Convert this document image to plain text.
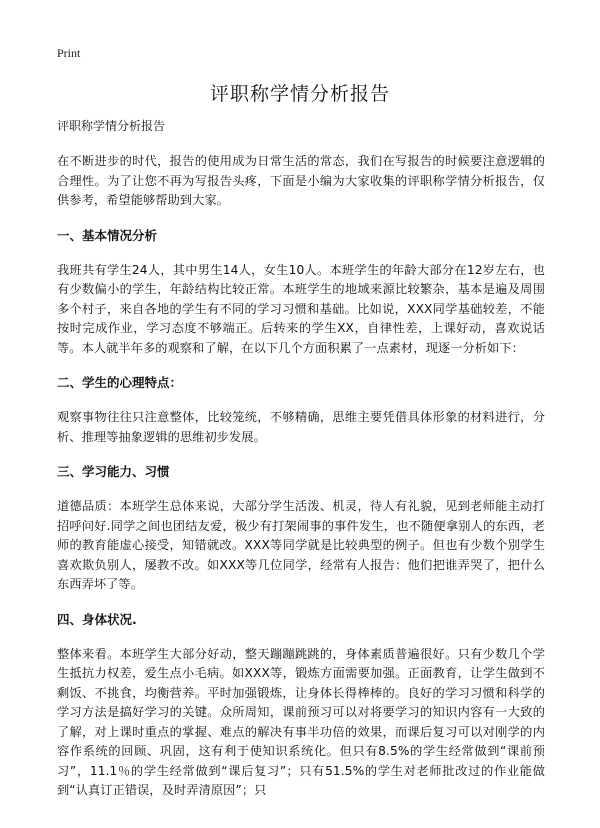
Print
评职称学情分析报告

评职称学情分析报告

在不断进步的时代，报告的使用成为日常生活的常态，我们在写报告的时候要注意逻辑的合理性。为了让您不再为写报告头疼，下面是小编为大家收集的评职称学情分析报告，仅供参考，希望能够帮助到大家。

一、基本情况分析

我班共有学生24人，其中男生14人，女生10人。本班学生的年龄大部分在12岁左右，也有少数偏小的学生，年龄结构比较正常。本班学生的地域来源比较繁杂，基本是遍及周围多个村子，来自各地的学生有不同的学习习惯和基础。比如说，XXX同学基础较差，不能按时完成作业，学习态度不够端正。后转来的学生XX，自律性差，上课好动，喜欢说话等。本人就半年多的观察和了解，在以下几个方面积累了一点素材，现逐一分析如下：

二、学生的心理特点：

观察事物往往只注意整体，比较笼统，不够精确，思维主要凭借具体形象的材料进行，分析、推理等抽象逻辑的思维初步发展。

三、学习能力、习惯

道德品质：本班学生总体来说，大部分学生活泼、机灵，待人有礼貌，见到老师能主动打招呼问好.同学之间也团结友爱，极少有打架闹事的事件发生，也不随便拿别人的东西，老师的教育能虚心接受，知错就改。XXX等同学就是比较典型的例子。但也有少数个别学生喜欢欺负别人，屡教不改。如XXX等几位同学，经常有人报告：他们把谁弄哭了，把什么东西弄坏了等。

四、身体状况.

整体来看。本班学生大部分好动，整天蹦蹦跳跳的，身体素质普遍很好。只有少数几个学生抵抗力权差，爱生点小毛病。如XXX等，锻炼方面需要加强。正面教育，让学生做到不剩饭、不挑食，均衡营养。平时加强锻炼，让身体长得棒棒的。良好的学习习惯和科学的学习方法是搞好学习的关键。众所周知，课前预习可以对将要学习的知识内容有一大致的了解，对上课时重点的掌握、难点的解决有事半功倍的效果，而课后复习可以对刚学的内容作系统的回顾、巩固，这有利于使知识系统化。但只有8.5%的学生经常做到“课前预习”，11.1％的学生经常做到“课后复习”；只有51.5%的学生对老师批改过的作业能做到“认真订正错误，及时弄清原因”；只
